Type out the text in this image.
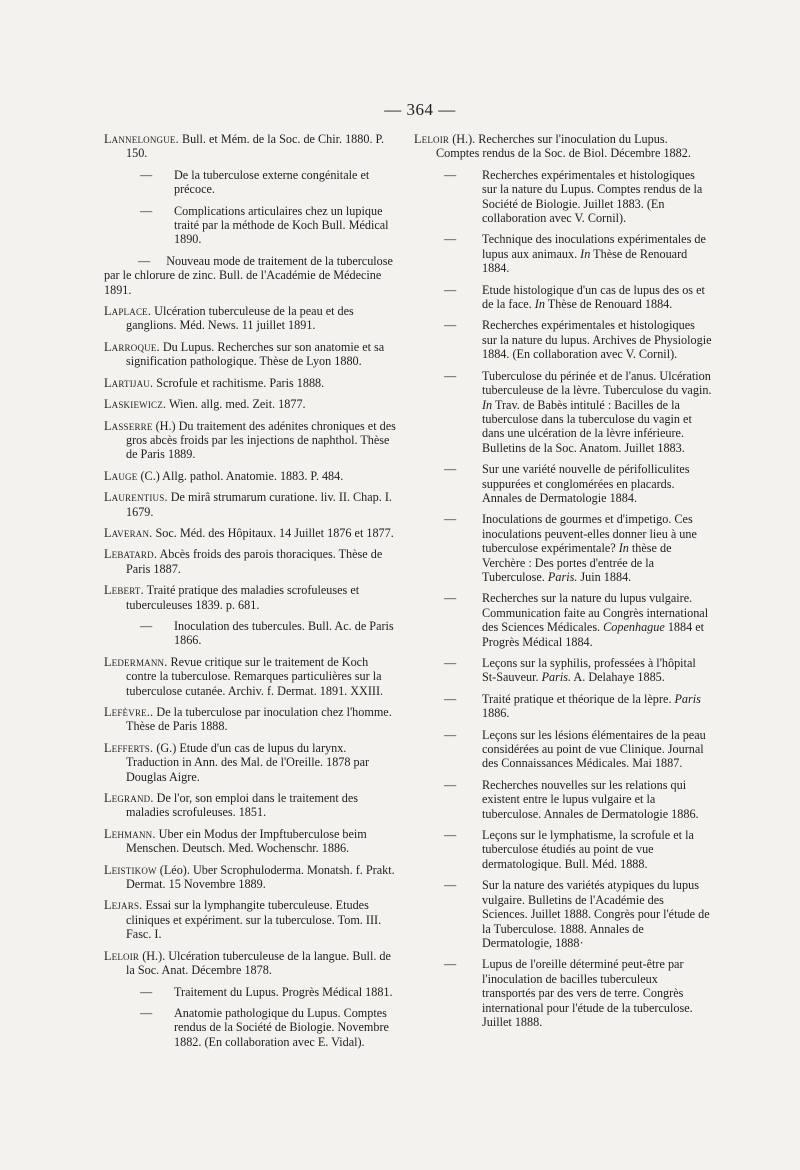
— 364 —
Lannelongue. Bull. et Mém. de la Soc. de Chir. 1880. P. 150.
— De la tuberculose externe congénitale et précoce.
— Complications articulaires chez un lupique traité par la méthode de Koch Bull. Médical 1890.
— Nouveau mode de traitement de la tuberculose par le chlorure de zinc. Bull. de l'Académie de Médecine 1891.
Laplace. Ulcération tuberculeuse de la peau et des ganglions. Méd. News. 11 juillet 1891.
Larroque. Du Lupus. Recherches sur son anatomie et sa signification pathologique. Thèse de Lyon 1880.
Lartijau. Scrofule et rachitisme. Paris 1888.
Laskiewicz. Wien. allg. med. Zeit. 1877.
Lasserre (H.) Du traitement des adénites chroniques et des gros abcès froids par les injections de naphthol. Thèse de Paris 1889.
Lauge (C.) Allg. pathol. Anatomie. 1883. P. 484.
Laurentius. De mirâ strumarum curatione. liv. II. Chap. I. 1679.
Laveran. Soc. Méd. des Hôpitaux. 14 Juillet 1876 et 1877.
Lebatard. Abcès froids des parois thoraciques. Thèse de Paris 1887.
Lebert. Traité pratique des maladies scrofuleuses et tuberculeuses 1839. p. 681.
— Inoculation des tubercules. Bull. Ac. de Paris 1866.
Ledermann. Revue critique sur le traitement de Koch contre la tuberculose. Remarques particulières sur la tuberculose cutanée. Archiv. f. Dermat. 1891. XXIII.
Lefèvre.. De la tuberculose par inoculation chez l'homme. Thèse de Paris 1888.
Lefferts. (G.) Etude d'un cas de lupus du larynx. Traduction in Ann. des Mal. de l'Oreille. 1878 par Douglas Aigre.
Legrand. De l'or, son emploi dans le traitement des maladies scrofuleuses. 1851.
Lehmann. Uber ein Modus der Impftuberculose beim Menschen. Deutsch. Med. Wochenschr. 1886.
Leistikow (Léo). Uber Scrophuloderma. Monatsh. f. Prakt. Dermat. 15 Novembre 1889.
Lejars. Essai sur la lymphangite tuberculeuse. Etudes cliniques et expériment. sur la tuberculose. Tom. III. Fasc. I.
Leloir (H.). Ulcération tuberculeuse de la langue. Bull. de la Soc. Anat. Décembre 1878.
— Traitement du Lupus. Progrès Médical 1881.
— Anatomie pathologique du Lupus. Comptes rendus de la Société de Biologie. Novembre 1882. (En collaboration avec E. Vidal).
Leloir (H.). Recherches sur l'inoculation du Lupus. Comptes rendus de la Soc. de Biol. Décembre 1882.
— Recherches expérimentales et histologiques sur la nature du Lupus. Comptes rendus de la Société de Biologie. Juillet 1883. (En collaboration avec V. Cornil).
— Technique des inoculations expérimentales de lupus aux animaux. In Thèse de Renouard 1884.
— Etude histologique d'un cas de lupus des os et de la face. In Thèse de Renouard 1884.
— Recherches expérimentales et histologiques sur la nature du lupus. Archives de Physiologie 1884. (En collaboration avec V. Cornil).
— Tuberculose du périnée et de l'anus. Ulcération tuberculeuse de la lèvre. Tuberculose du vagin. In Trav. de Babès intitulé : Bacilles de la tuberculose dans la tuberculose du vagin et dans une ulcération de la lèvre inférieure. Bulletins de la Soc. Anatom. Juillet 1883.
— Sur une variété nouvelle de périfolliculites suppurées et conglomérées en placards. Annales de Dermatologie 1884.
— Inoculations de gourmes et d'impetigo. Ces inoculations peuvent-elles donner lieu à une tuberculose expérimentale? In thèse de Verchère : Des portes d'entrée de la Tuberculose. Paris. Juin 1884.
— Recherches sur la nature du lupus vulgaire. Communication faite au Congrès international des Sciences Médicales. Copenhague 1884 et Progrès Médical 1884.
— Leçons sur la syphilis, professées à l'hôpital St-Sauveur. Paris. A. Delahaye 1885.
— Traité pratique et théorique de la lèpre. Paris 1886.
— Leçons sur les lésions élémentaires de la peau considérées au point de vue Clinique. Journal des Connaissances Médicales. Mai 1887.
— Recherches nouvelles sur les relations qui existent entre le lupus vulgaire et la tuberculose. Annales de Dermatologie 1886.
— Leçons sur le lymphatisme, la scrofule et la tuberculose étudiés au point de vue dermatologique. Bull. Méd. 1888.
— Sur la nature des variétés atypiques du lupus vulgaire. Bulletins de l'Académie des Sciences. Juillet 1888. Congrès pour l'étude de la Tuberculose. 1888. Annales de Dermatologie, 1888·
— Lupus de l'oreille déterminé peut-être par l'inoculation de bacilles tuberculeux transportés par des vers de terre. Congrès international pour l'étude de la tuberculose. Juillet 1888.
